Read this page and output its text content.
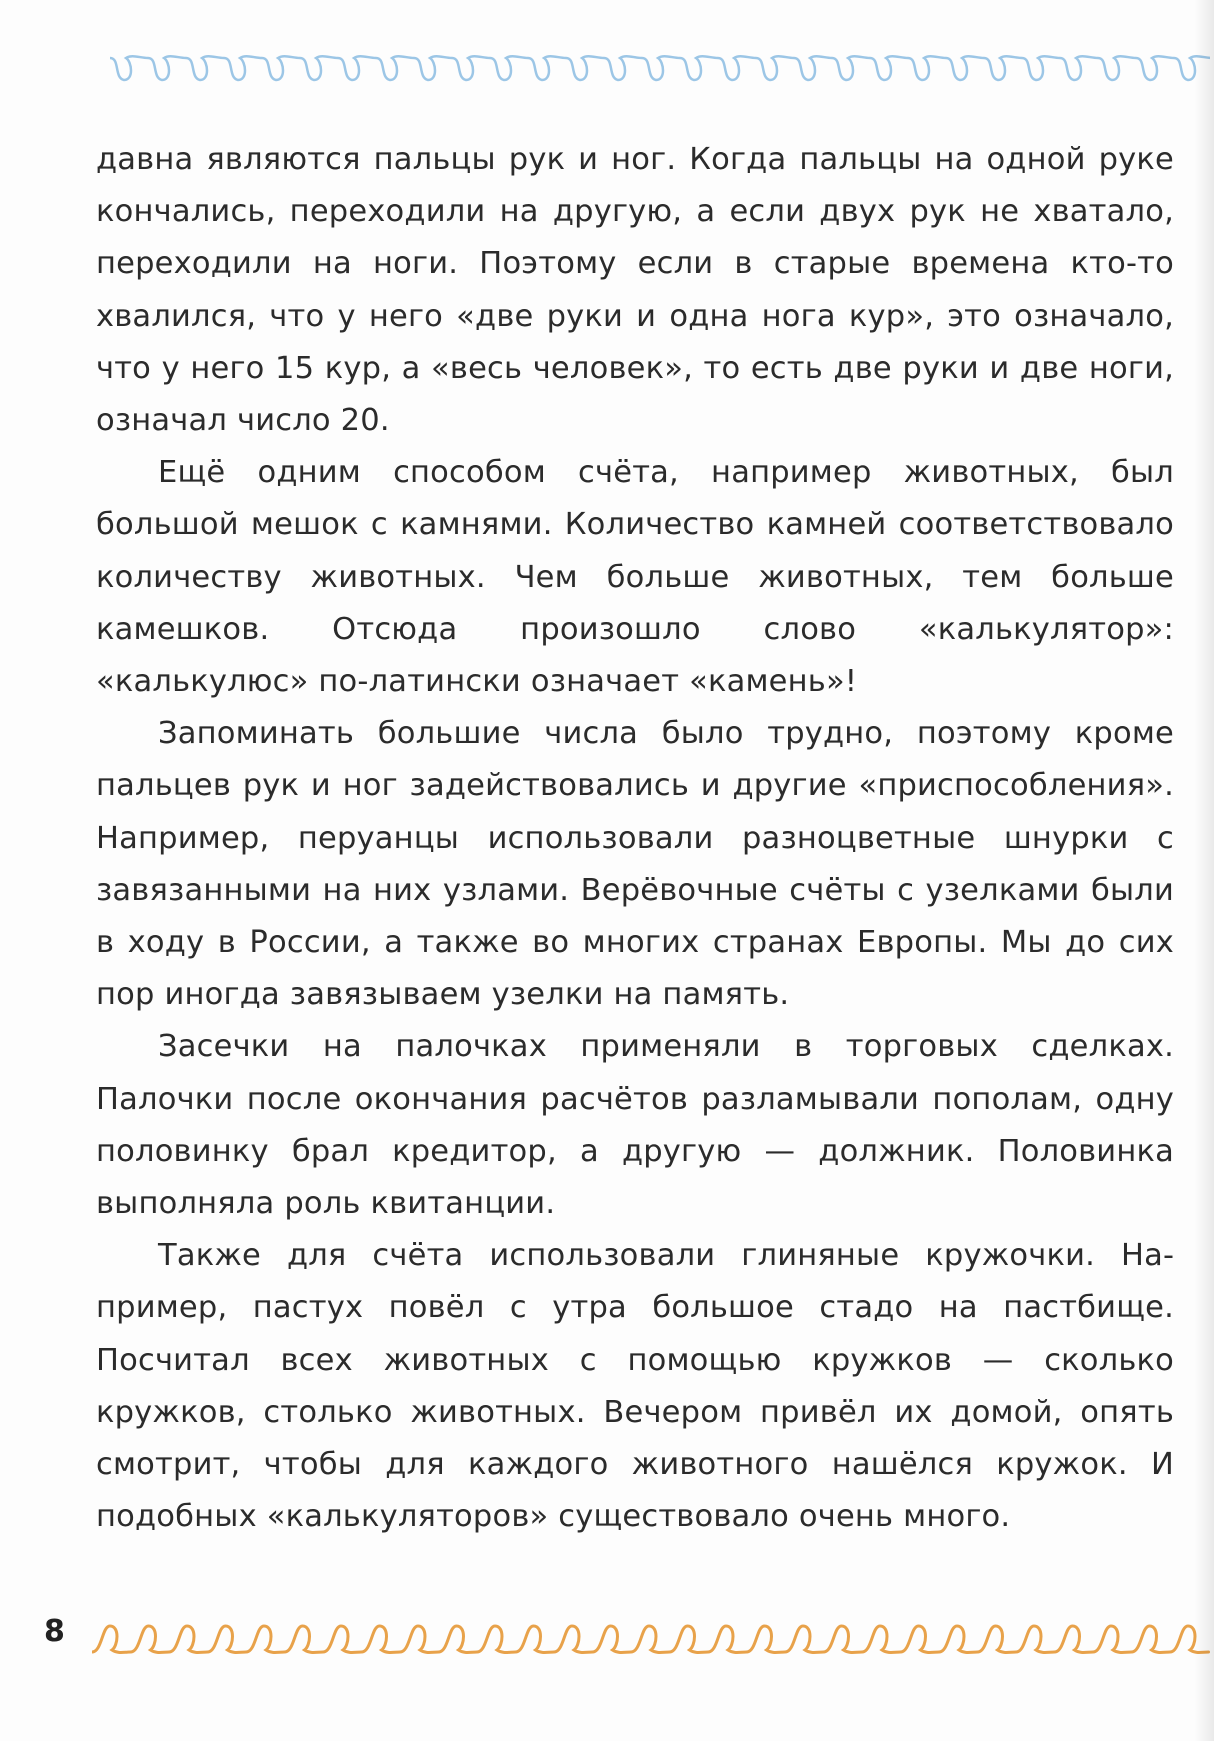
давна являются пальцы рук и ног. Когда пальцы на одной руке кончались, переходили на другую, а если двух рук не хватало, переходили на ноги. Поэтому если в старые времена кто-то хвалился, что у него «две руки и одна нога кур», это означало, что у него 15 кур, а «весь человек», то есть две руки и две ноги, означал число 20.

Ещё одним способом счёта, например животных, был большой мешок с камнями. Количество камней соответствовало количеству животных. Чем больше животных, тем больше камешков. Отсюда произошло слово «калькулятор»: «калькулюс» по-латински означает «камень»!

Запоминать большие числа было трудно, поэтому кроме пальцев рук и ног задействовались и другие «приспособления». Например, перуанцы использовали разноцветные шнурки с завязанными на них узлами. Верёвочные счёты с узелками были в ходу в России, а также во многих странах Европы. Мы до сих пор иногда завязываем узелки на память.

Засечки на палочках применяли в торговых сделках. Палочки после окончания расчётов разламывали пополам, одну половинку брал кредитор, а другую — должник. Половинка выполняла роль квитанции.

Также для счёта использовали глиняные кружочки. Например, пастух повёл с утра большое стадо на пастбище. Посчитал всех животных с помощью кружков — сколько кружков, столько животных. Вечером привёл их домой, опять смотрит, чтобы для каждого животного нашёлся кружок. И подобных «калькуляторов» существовало очень много.

8
